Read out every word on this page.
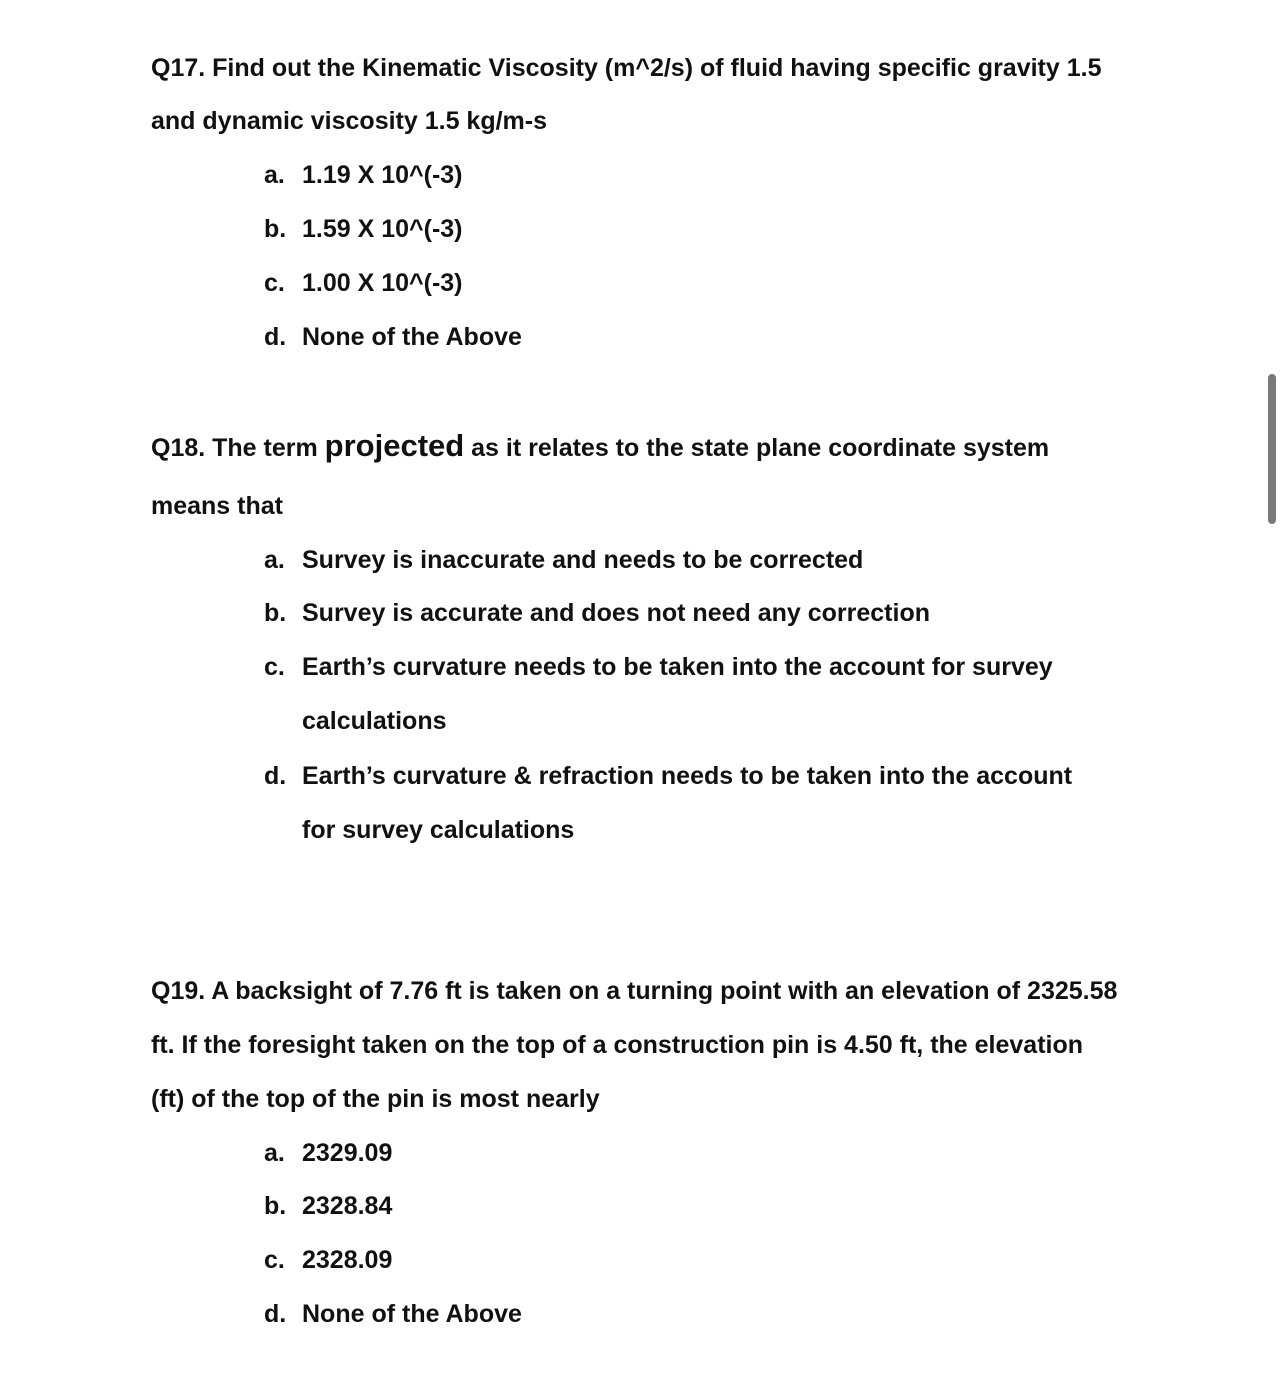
Q17. Find out the Kinematic Viscosity (m^2/s) of fluid having specific gravity 1.5
and dynamic viscosity 1.5 kg/m-s
a. 1.19 X 10^(-3)
b. 1.59 X 10^(-3)
c. 1.00 X 10^(-3)
d. None of the Above
Q18. The term projected as it relates to the state plane coordinate system
means that
a. Survey is inaccurate and needs to be corrected
b. Survey is accurate and does not need any correction
c. Earth’s curvature needs to be taken into the account for survey
calculations
d. Earth’s curvature & refraction needs to be taken into the account
for survey calculations
Q19. A backsight of 7.76 ft is taken on a turning point with an elevation of 2325.58
ft. If the foresight taken on the top of a construction pin is 4.50 ft, the elevation
(ft) of the top of the pin is most nearly
a. 2329.09
b. 2328.84
c. 2328.09
d. None of the Above
